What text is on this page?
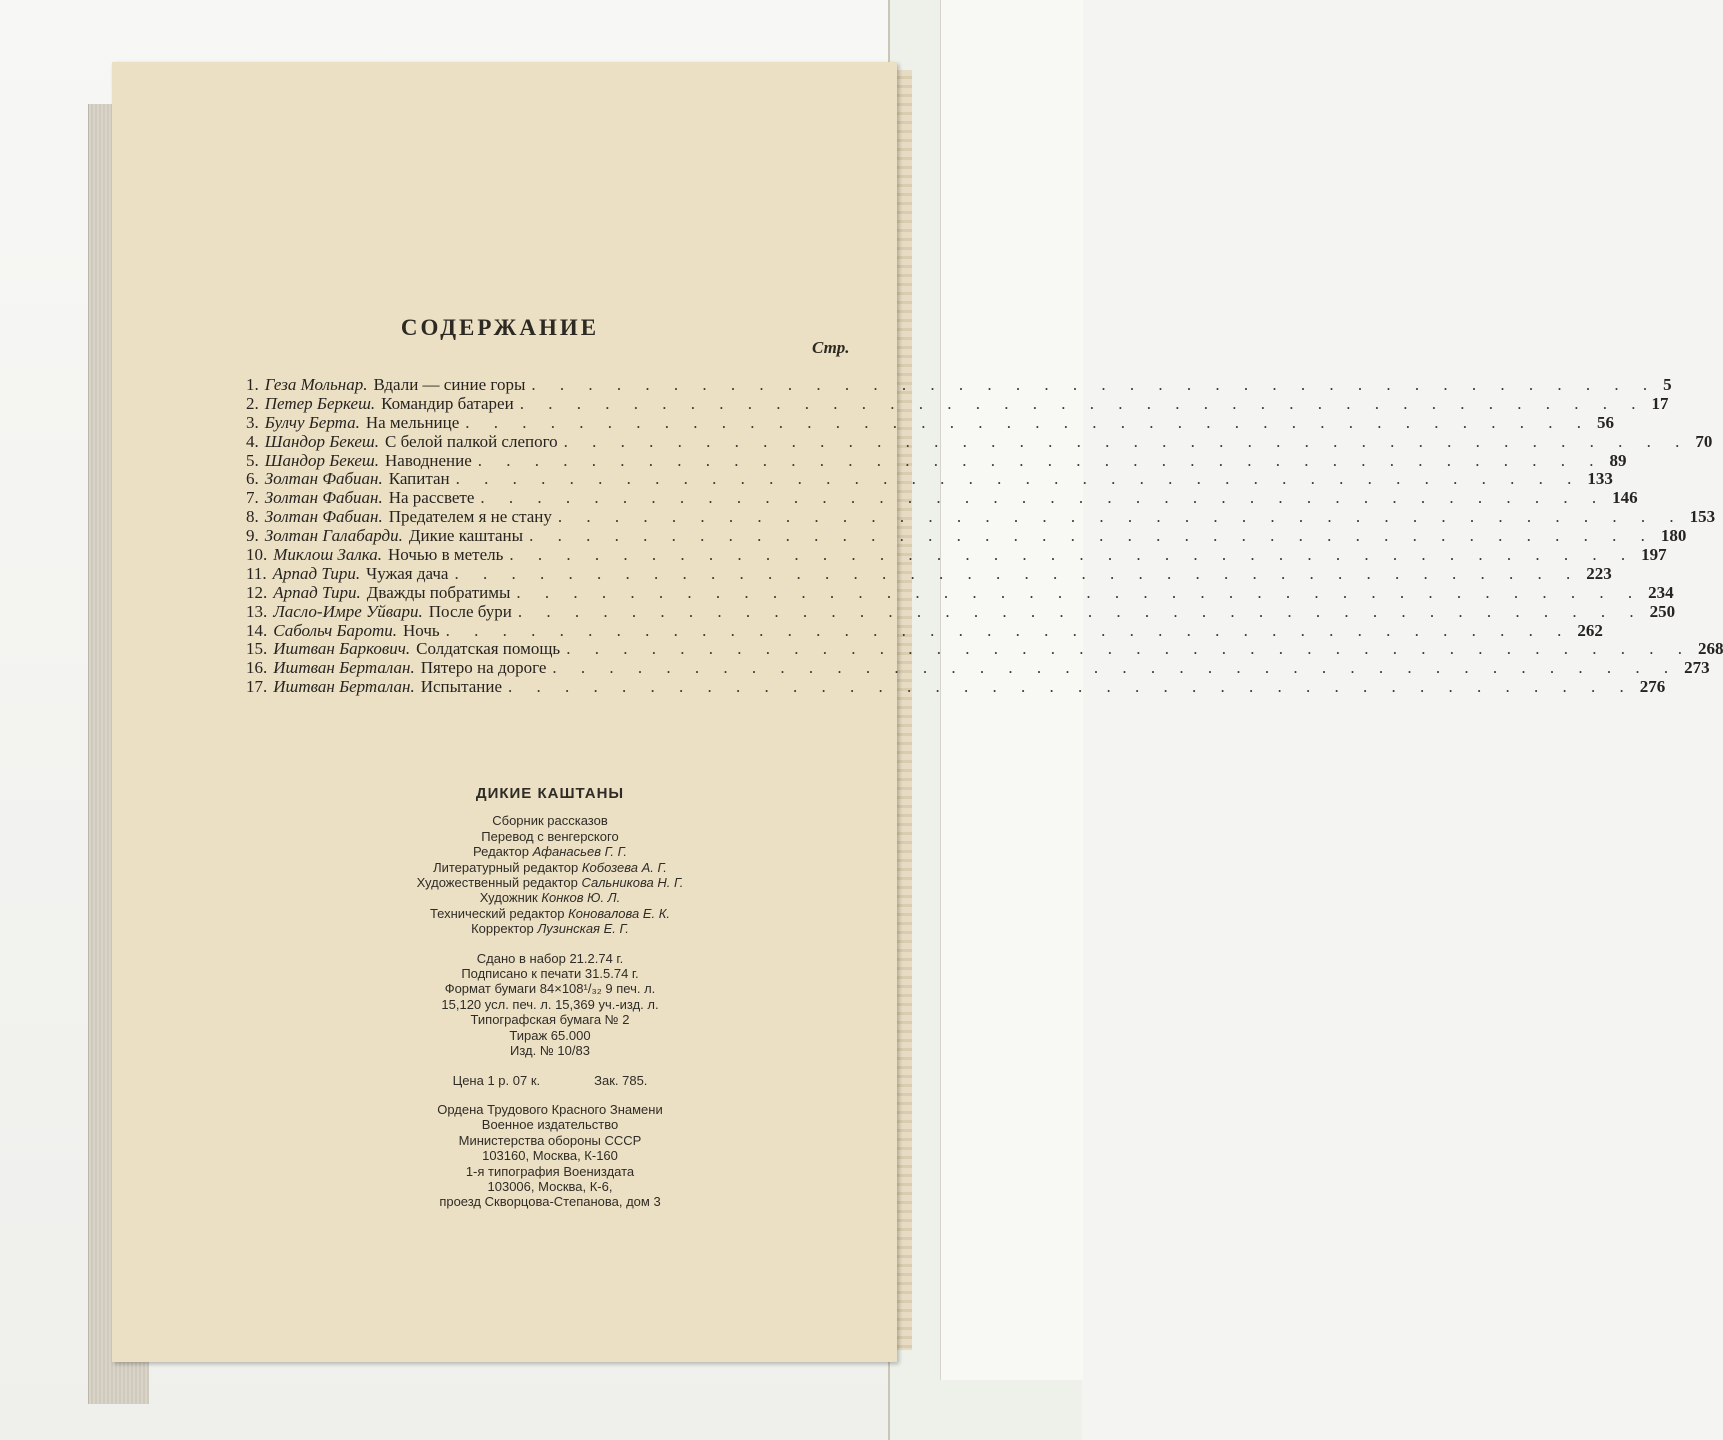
СОДЕРЖАНИЕ
Стр.
1. Геза Мольнар. Вдали — синие горы . . . . . . . . . . . . . . . . . . . . . . . . . . . . . . . . . . . . . . . . 5
2. Петер Беркеш. Командир батареи . . . . . . . . . . . . . . . . . . . . . . . . . . . . . . . . . . . . . . . . 17
3. Булчу Берта. На мельнице . . . . . . . . . . . . . . . . . . . . . . . . . . . . . . . . . . . . . . . . 56
4. Шандор Бекеш. С белой палкой слепого . . . . . . . . . . . . . . . . . . . . . . . . . . . . . . . . . . . . . . . . 70
5. Шандор Бекеш. Наводнение . . . . . . . . . . . . . . . . . . . . . . . . . . . . . . . . . . . . . . . . 89
6. Золтан Фабиан. Капитан . . . . . . . . . . . . . . . . . . . . . . . . . . . . . . . . . . . . . . . . 133
7. Золтан Фабиан. На рассвете . . . . . . . . . . . . . . . . . . . . . . . . . . . . . . . . . . . . . . . . 146
8. Золтан Фабиан. Предателем я не стану . . . . . . . . . . . . . . . . . . . . . . . . . . . . . . . . . . . . . . . . 153
9. Золтан Галабарди. Дикие каштаны . . . . . . . . . . . . . . . . . . . . . . . . . . . . . . . . . . . . . . . . 180
10. Миклош Залка. Ночью в метель . . . . . . . . . . . . . . . . . . . . . . . . . . . . . . . . . . . . . . . . 197
11. Арпад Тири. Чужая дача . . . . . . . . . . . . . . . . . . . . . . . . . . . . . . . . . . . . . . . . 223
12. Арпад Тири. Дважды побратимы . . . . . . . . . . . . . . . . . . . . . . . . . . . . . . . . . . . . . . . . 234
13. Ласло-Имре Уйвари. После бури . . . . . . . . . . . . . . . . . . . . . . . . . . . . . . . . . . . . . . . . 250
14. Сабольч Бароти. Ночь . . . . . . . . . . . . . . . . . . . . . . . . . . . . . . . . . . . . . . . . 262
15. Иштван Баркович. Солдатская помощь . . . . . . . . . . . . . . . . . . . . . . . . . . . . . . . . . . . . . . . . 268
16. Иштван Берталан. Пятеро на дороге . . . . . . . . . . . . . . . . . . . . . . . . . . . . . . . . . . . . . . . . 273
17. Иштван Берталан. Испытание . . . . . . . . . . . . . . . . . . . . . . . . . . . . . . . . . . . . . . . . 276
ДИКИЕ КАШТАНЫ
Сборник рассказов
Перевод с венгерского
Редактор Афанасьев Г. Г.
Литературный редактор Кобозева А. Г.
Художественный редактор Сальникова Н. Г.
Художник Конков Ю. Л.
Технический редактор Коновалова Е. К.
Корректор Лузинская Е. Г.
Сдано в набор 21.2.74 г.
Подписано к печати 31.5.74 г.
Формат бумаги 84×108¹/₃₂ 9 печ. л.
15,120 усл. печ. л. 15,369 уч.-изд. л.
Типографская бумага № 2
Тираж 65.000
Изд. № 10/83
Цена 1 р. 07 к.	Зак. 785.
Ордена Трудового Красного Знамени
Военное издательство
Министерства обороны СССР
103160, Москва, К-160
1-я типография Воениздата
103006, Москва, К-6,
проезд Скворцова-Степанова, дом 3
